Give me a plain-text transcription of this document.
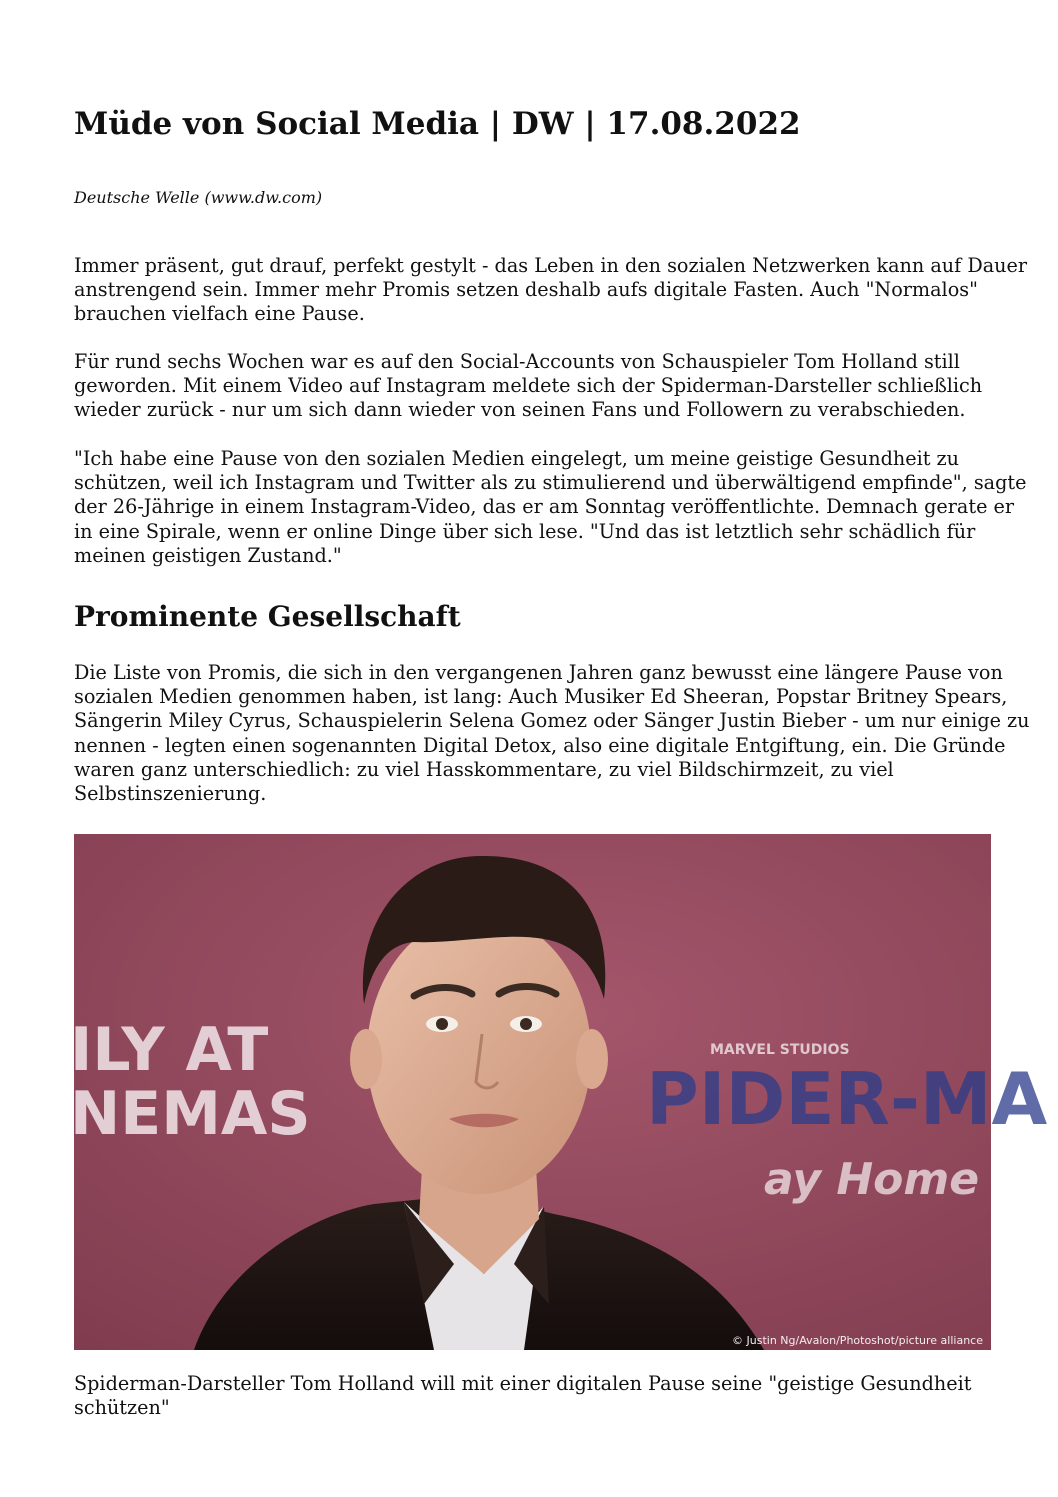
Müde von Social Media | DW | 17.08.2022

Deutsche Welle (www.dw.com)

Immer präsent, gut drauf, perfekt gestylt - das Leben in den sozialen Netzwerken kann auf Dauer
anstrengend sein. Immer mehr Promis setzen deshalb aufs digitale Fasten. Auch "Normalos"
brauchen vielfach eine Pause.

Für rund sechs Wochen war es auf den Social-Accounts von Schauspieler Tom Holland still
geworden. Mit einem Video auf Instagram meldete sich der Spiderman-Darsteller schließlich
wieder zurück - nur um sich dann wieder von seinen Fans und Followern zu verabschieden.

"Ich habe eine Pause von den sozialen Medien eingelegt, um meine geistige Gesundheit zu
schützen, weil ich Instagram und Twitter als zu stimulierend und überwältigend empfinde", sagte
der 26-Jährige in einem Instagram-Video, das er am Sonntag veröffentlichte. Demnach gerate er
in eine Spirale, wenn er online Dinge über sich lese. "Und das ist letztlich sehr schädlich für
meinen geistigen Zustand."

Prominente Gesellschaft

Die Liste von Promis, die sich in den vergangenen Jahren ganz bewusst eine längere Pause von
sozialen Medien genommen haben, ist lang: Auch Musiker Ed Sheeran, Popstar Britney Spears,
Sängerin Miley Cyrus, Schauspielerin Selena Gomez oder Sänger Justin Bieber - um nur einige zu
nennen - legten einen sogenannten Digital Detox, also eine digitale Entgiftung, ein. Die Gründe
waren ganz unterschiedlich: zu viel Hasskommentare, zu viel Bildschirmzeit, zu viel
Selbstinszenierung.

ILY AT
NEMAS
MARVEL STUDIOS
PIDER-MA
ay Home
© Justin Ng/Avalon/Photoshot/picture alliance

Spiderman-Darsteller Tom Holland will mit einer digitalen Pause seine "geistige Gesundheit
schützen"
